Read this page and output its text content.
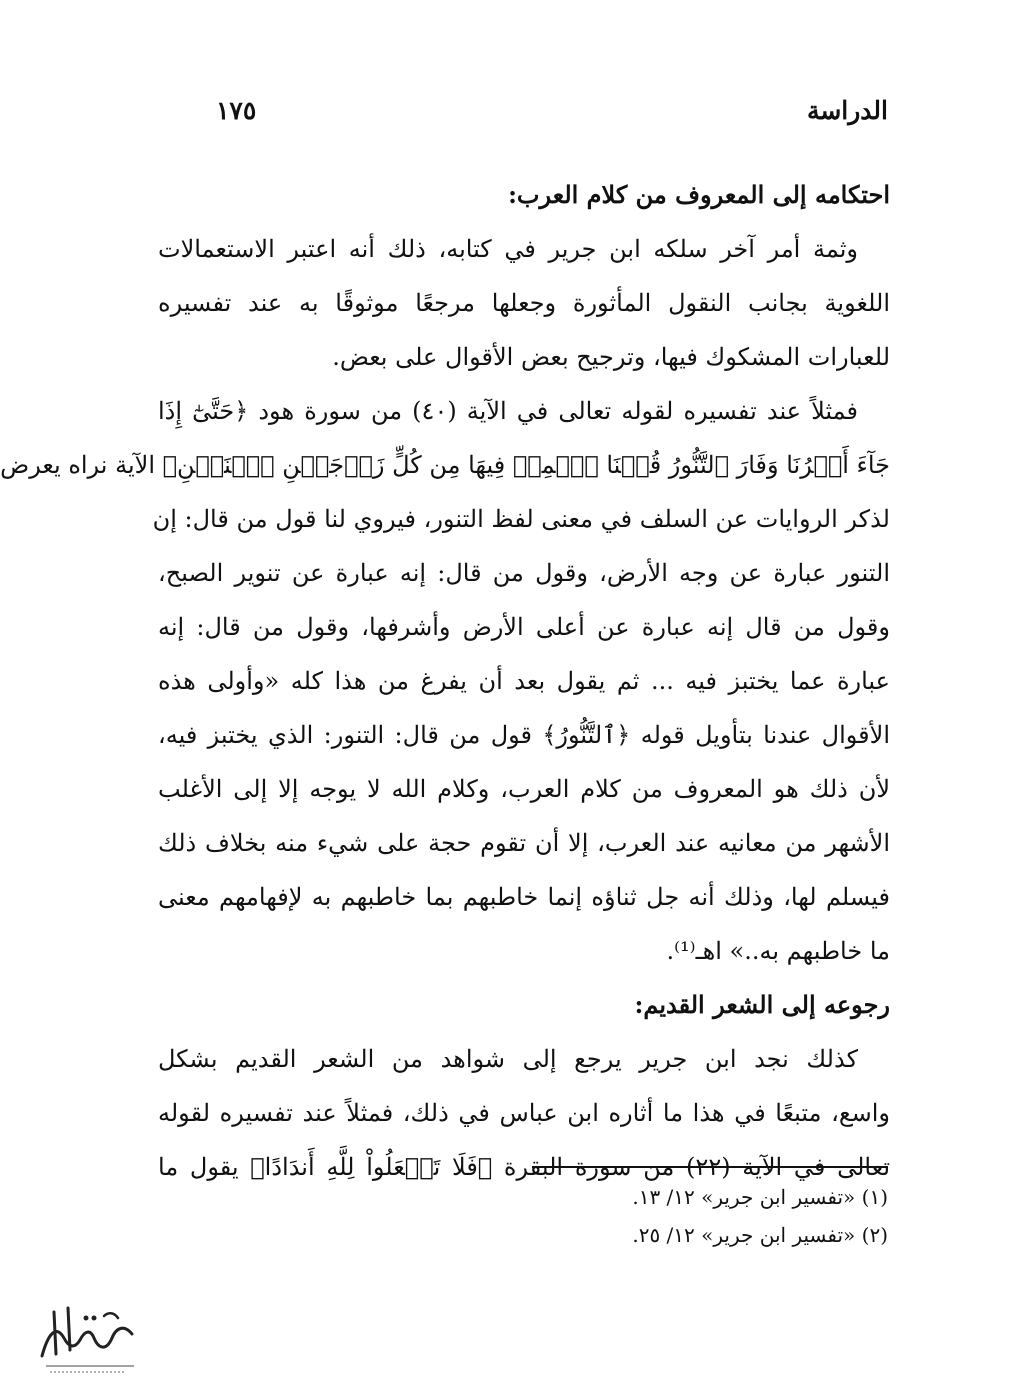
الدراسة
١٧٥
احتكامه إلى المعروف من كلام العرب:
وثمة أمر آخر سلكه ابن جرير في كتابه، ذلك أنه اعتبر الاستعمالات
اللغوية بجانب النقول المأثورة وجعلها مرجعًا موثوقًا به عند تفسيره
للعبارات المشكوك فيها، وترجيح بعض الأقوال على بعض.
فمثلاً عند تفسيره لقوله تعالى في الآية (٤٠) من سورة هود ﴿حَتَّىٰٓ إِذَا
جَآءَ أَمۡرُنَا وَفَارَ ٱلتَّنُّورُ قُلۡنَا ٱحۡمِلۡ فِيهَا مِن كُلٍّ زَوۡجَيۡنِ ٱثۡنَيۡنِ﴾ الآية نراه يعرض
لذكر الروايات عن السلف في معنى لفظ التنور، فيروي لنا قول من قال: إن
التنور عبارة عن وجه الأرض، وقول من قال: إنه عبارة عن تنوير الصبح،
وقول من قال إنه عبارة عن أعلى الأرض وأشرفها، وقول من قال: إنه
عبارة عما يختبز فيه ... ثم يقول بعد أن يفرغ من هذا كله «وأولى هذه
الأقوال عندنا بتأويل قوله ﴿ٱلتَّنُّورُ﴾ قول من قال: التنور: الذي يختبز فيه،
لأن ذلك هو المعروف من كلام العرب، وكلام الله لا يوجه إلا إلى الأغلب
الأشهر من معانيه عند العرب، إلا أن تقوم حجة على شيء منه بخلاف ذلك
فيسلم لها، وذلك أنه جل ثناؤه إنما خاطبهم بما خاطبهم به لإفهامهم معنى
ما خاطبهم به..» اهـ⁽¹⁾.
رجوعه إلى الشعر القديم:
كذلك نجد ابن جرير يرجع إلى شواهد من الشعر القديم بشكل
واسع، متبعًا في هذا ما أثاره ابن عباس في ذلك، فمثلاً عند تفسيره لقوله
تعالى في الآية (٢٢) من سورة البقرة ﴿فَلَا تَجۡعَلُواْ لِلَّهِ أَندَادًا﴾ يقول ما
(١) «تفسير ابن جرير» ١٢/ ١٣.
(٢) «تفسير ابن جرير» ١٢/ ٢٥.
